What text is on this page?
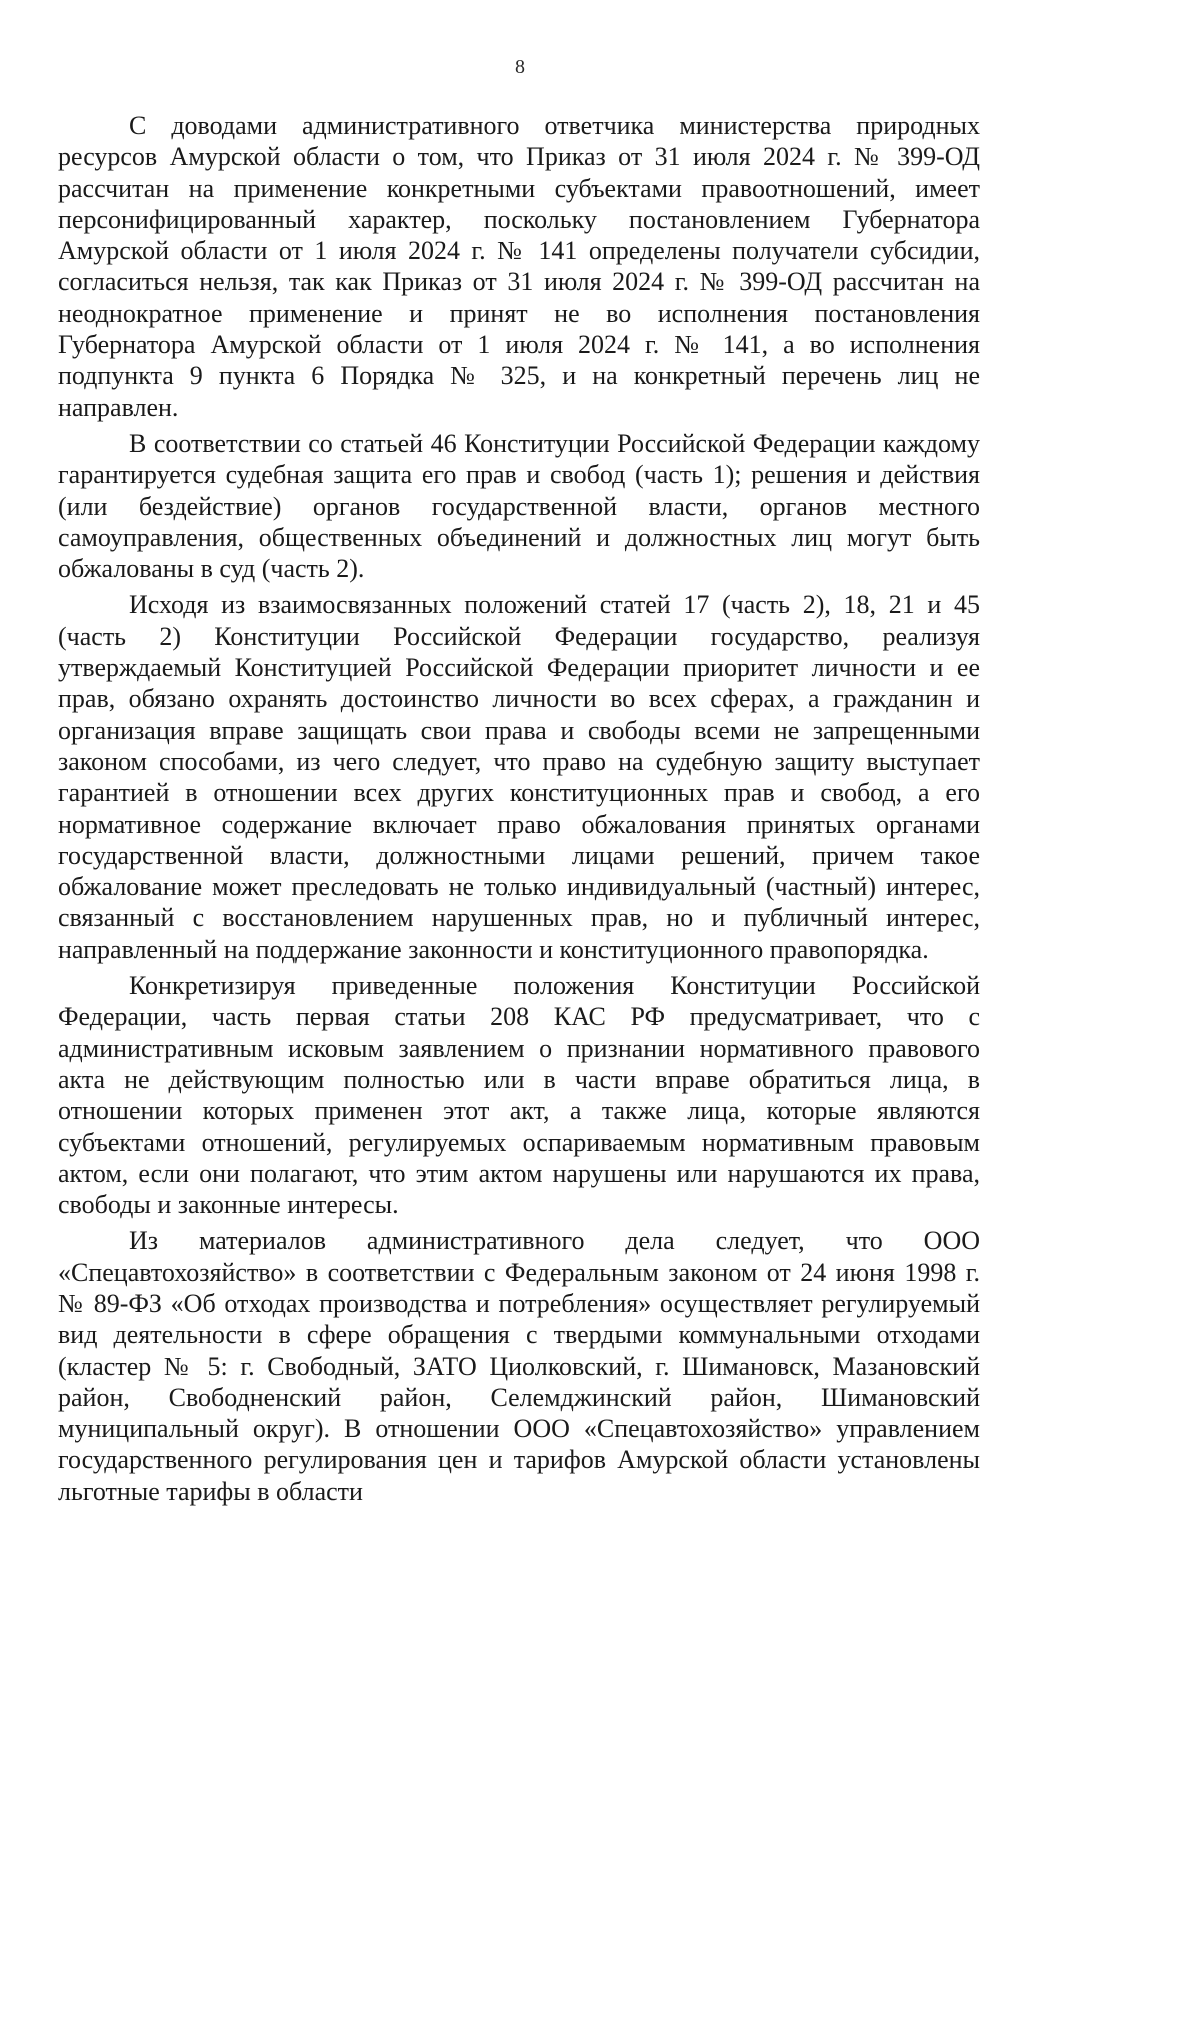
8

С доводами административного ответчика министерства природных ресурсов Амурской области о том, что Приказ от 31 июля 2024 г. № 399-ОД рассчитан на применение конкретными субъектами правоотношений, имеет персонифицированный характер, поскольку постановлением Губернатора Амурской области от 1 июля 2024 г. № 141 определены получатели субсидии, согласиться нельзя, так как Приказ от 31 июля 2024 г. № 399-ОД рассчитан на неоднократное применение и принят не во исполнения постановления Губернатора Амурской области от 1 июля 2024 г. № 141, а во исполнения подпункта 9 пункта 6 Порядка № 325, и на конкретный перечень лиц не направлен.

В соответствии со статьей 46 Конституции Российской Федерации каждому гарантируется судебная защита его прав и свобод (часть 1); решения и действия (или бездействие) органов государственной власти, органов местного самоуправления, общественных объединений и должностных лиц могут быть обжалованы в суд (часть 2).

Исходя из взаимосвязанных положений статей 17 (часть 2), 18, 21 и 45 (часть 2) Конституции Российской Федерации государство, реализуя утверждаемый Конституцией Российской Федерации приоритет личности и ее прав, обязано охранять достоинство личности во всех сферах, а гражданин и организация вправе защищать свои права и свободы всеми не запрещенными законом способами, из чего следует, что право на судебную защиту выступает гарантией в отношении всех других конституционных прав и свобод, а его нормативное содержание включает право обжалования принятых органами государственной власти, должностными лицами решений, причем такое обжалование может преследовать не только индивидуальный (частный) интерес, связанный с восстановлением нарушенных прав, но и публичный интерес, направленный на поддержание законности и конституционного правопорядка.

Конкретизируя приведенные положения Конституции Российской Федерации, часть первая статьи 208 КАС РФ предусматривает, что с административным исковым заявлением о признании нормативного правового акта не действующим полностью или в части вправе обратиться лица, в отношении которых применен этот акт, а также лица, которые являются субъектами отношений, регулируемых оспариваемым нормативным правовым актом, если они полагают, что этим актом нарушены или нарушаются их права, свободы и законные интересы.

Из материалов административного дела следует, что ООО «Спецавтохозяйство» в соответствии с Федеральным законом от 24 июня 1998 г. № 89-ФЗ «Об отходах производства и потребления» осуществляет регулируемый вид деятельности в сфере обращения с твердыми коммунальными отходами (кластер № 5: г. Свободный, ЗАТО Циолковский, г. Шимановск, Мазановский район, Свободненский район, Селемджинский район, Шимановский муниципальный округ). В отношении ООО «Спецавтохозяйство» управлением государственного регулирования цен и тарифов Амурской области установлены льготные тарифы в области
